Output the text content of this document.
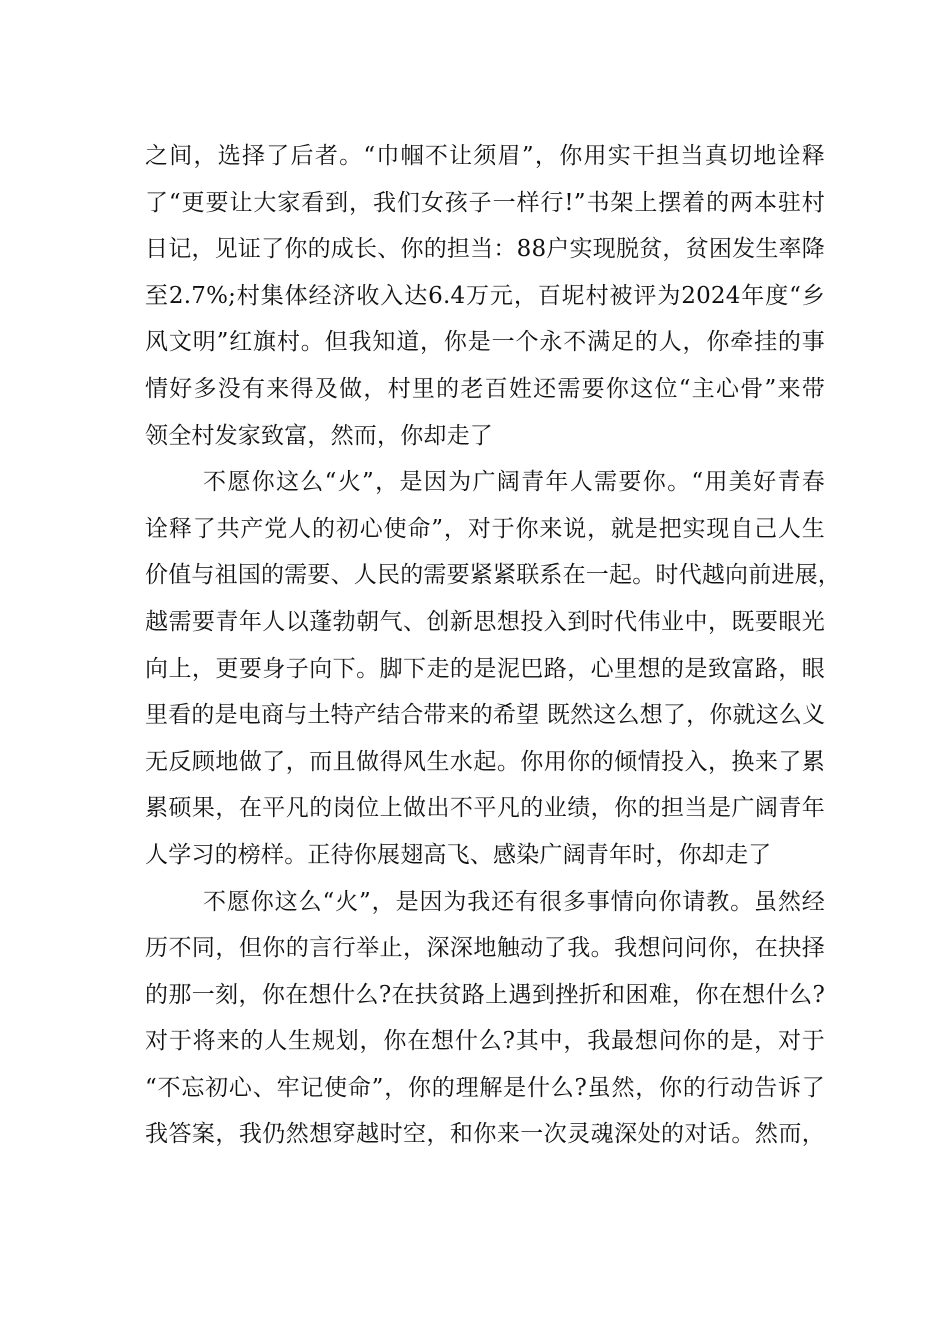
之间，选择了后者。“巾帼不让须眉”，你用实干担当真切地诠释
了“更要让大家看到，我们女孩子一样行!”书架上摆着的两本驻村
日记，见证了你的成长、你的担当：88户实现脱贫，贫困发生率降
至2.7%;村集体经济收入达6.4万元，百坭村被评为2024年度“乡
风文明”红旗村。但我知道，你是一个永不满足的人，你牵挂的事
情好多没有来得及做，村里的老百姓还需要你这位“主心骨”来带
领全村发家致富，然而，你却走了
不愿你这么“火”，是因为广阔青年人需要你。“用美好青春
诠释了共产党人的初心使命”，对于你来说，就是把实现自己人生
价值与祖国的需要、人民的需要紧紧联系在一起。时代越向前进展，
越需要青年人以蓬勃朝气、创新思想投入到时代伟业中，既要眼光
向上，更要身子向下。脚下走的是泥巴路，心里想的是致富路，眼
里看的是电商与土特产结合带来的希望 既然这么想了，你就这么义
无反顾地做了，而且做得风生水起。你用你的倾情投入，换来了累
累硕果，在平凡的岗位上做出不平凡的业绩，你的担当是广阔青年
人学习的榜样。正待你展翅高飞、感染广阔青年时，你却走了
不愿你这么“火”，是因为我还有很多事情向你请教。虽然经
历不同，但你的言行举止，深深地触动了我。我想问问你，在抉择
的那一刻，你在想什么?在扶贫路上遇到挫折和困难，你在想什么?
对于将来的人生规划，你在想什么?其中，我最想问你的是，对于
“不忘初心、牢记使命”，你的理解是什么?虽然，你的行动告诉了
我答案，我仍然想穿越时空，和你来一次灵魂深处的对话。然而，
